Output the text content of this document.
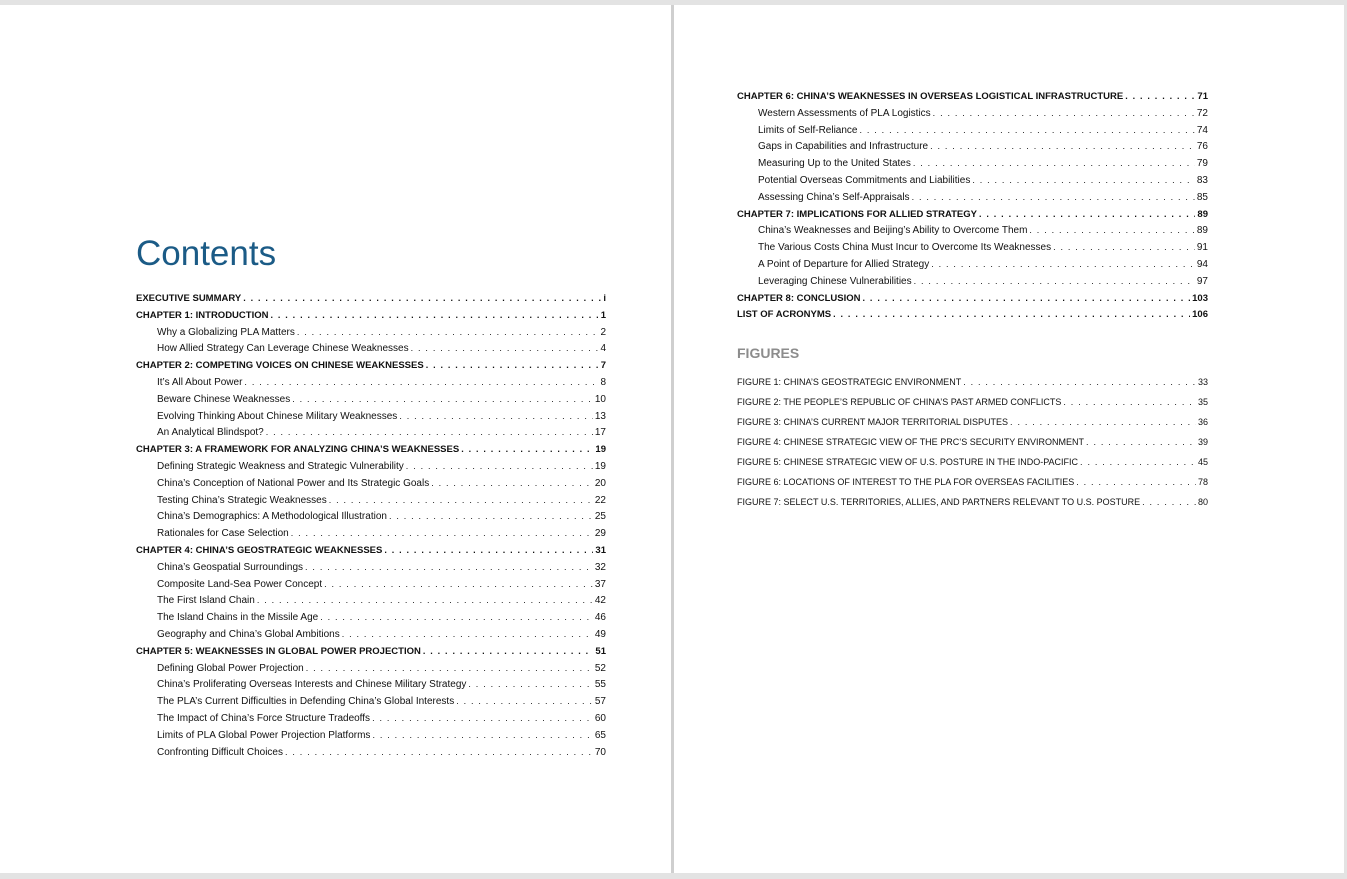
Contents
EXECUTIVE SUMMARY . . .	i
CHAPTER 1: INTRODUCTION . . .	1
Why a Globalizing PLA Matters . . .	2
How Allied Strategy Can Leverage Chinese Weaknesses . . .	4
CHAPTER 2: COMPETING VOICES ON CHINESE WEAKNESSES . . .	7
It’s All About Power . . .	8
Beware Chinese Weaknesses . . .	10
Evolving Thinking About Chinese Military Weaknesses . . .	13
An Analytical Blindspot? . . .	17
CHAPTER 3: A FRAMEWORK FOR ANALYZING CHINA’S WEAKNESSES . . .	19
Defining Strategic Weakness and Strategic Vulnerability . . .	19
China’s Conception of National Power and Its Strategic Goals . . .	20
Testing China’s Strategic Weaknesses . . .	22
China’s Demographics: A Methodological Illustration . . .	25
Rationales for Case Selection . . .	29
CHAPTER 4: CHINA’S GEOSTRATEGIC WEAKNESSES . . .	31
China’s Geospatial Surroundings . . .	32
Composite Land-Sea Power Concept . . .	37
The First Island Chain . . .	42
The Island Chains in the Missile Age . . .	46
Geography and China’s Global Ambitions . . .	49
CHAPTER 5: WEAKNESSES IN GLOBAL POWER PROJECTION . . .	51
Defining Global Power Projection . . .	52
China’s Proliferating Overseas Interests and Chinese Military Strategy . . .	55
The PLA’s Current Difficulties in Defending China’s Global Interests . . .	57
The Impact of China’s Force Structure Tradeoffs . . .	60
Limits of PLA Global Power Projection Platforms . . .	65
Confronting Difficult Choices . . .	70
CHAPTER 6: CHINA’S WEAKNESSES IN OVERSEAS LOGISTICAL INFRASTRUCTURE . . .	71
Western Assessments of PLA Logistics . . .	72
Limits of Self-Reliance . . .	74
Gaps in Capabilities and Infrastructure . . .	76
Measuring Up to the United States . . .	79
Potential Overseas Commitments and Liabilities . . .	83
Assessing China’s Self-Appraisals . . .	85
CHAPTER 7: IMPLICATIONS FOR ALLIED STRATEGY . . .	89
China’s Weaknesses and Beijing’s Ability to Overcome Them . . .	89
The Various Costs China Must Incur to Overcome Its Weaknesses . . .	91
A Point of Departure for Allied Strategy . . .	94
Leveraging Chinese Vulnerabilities . . .	97
CHAPTER 8: CONCLUSION . . .	103
LIST OF ACRONYMS . . .	106
FIGURES
FIGURE 1: CHINA’S GEOSTRATEGIC ENVIRONMENT . . .	33
FIGURE 2: THE PEOPLE’S REPUBLIC OF CHINA’S PAST ARMED CONFLICTS . . .	35
FIGURE 3: CHINA’S CURRENT MAJOR TERRITORIAL DISPUTES . . .	36
FIGURE 4: CHINESE STRATEGIC VIEW OF THE PRC’S SECURITY ENVIRONMENT . . .	39
FIGURE 5: CHINESE STRATEGIC VIEW OF U.S. POSTURE IN THE INDO-PACIFIC . . .	45
FIGURE 6: LOCATIONS OF INTEREST TO THE PLA FOR OVERSEAS FACILITIES . . .	78
FIGURE 7: SELECT U.S. TERRITORIES, ALLIES, AND PARTNERS RELEVANT TO U.S. POSTURE . . .	80
